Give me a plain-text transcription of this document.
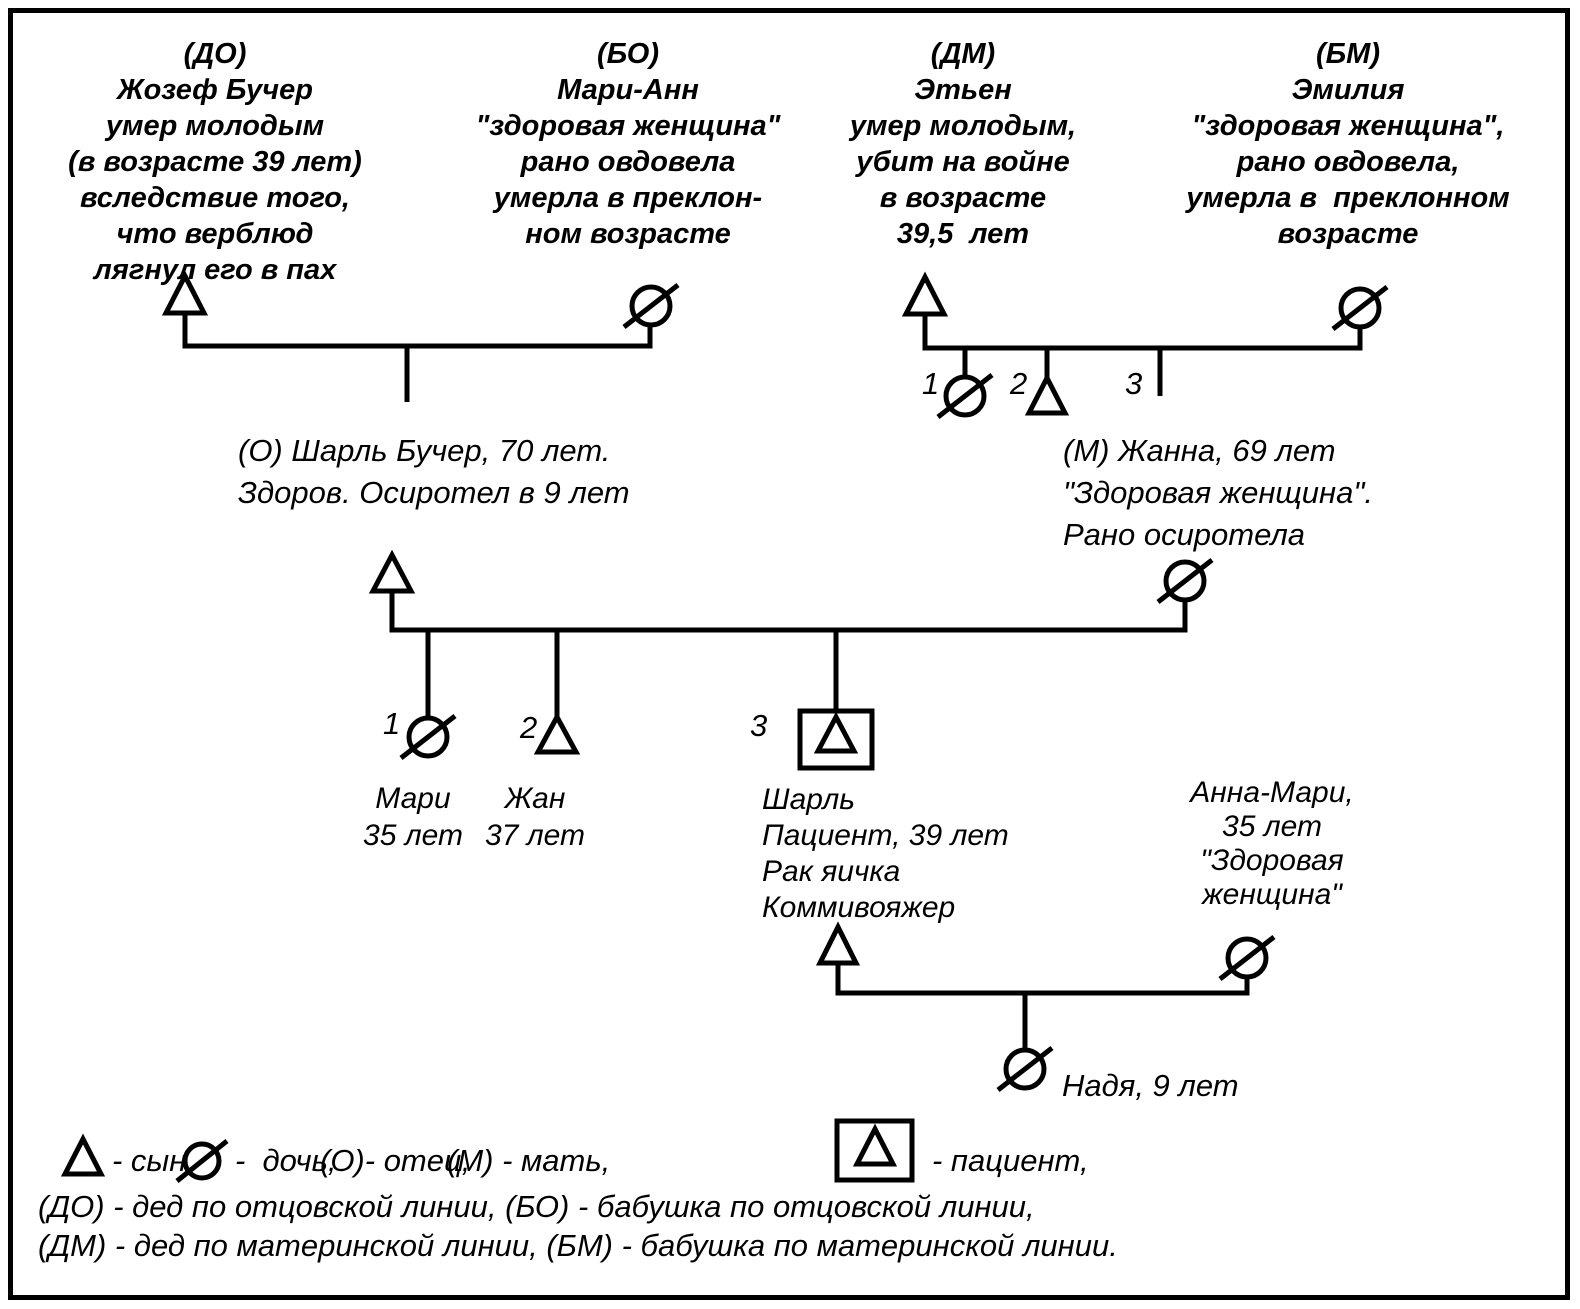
(ДО)
Жозеф Бучер
умер молодым
(в возрасте 39 лет)
вследствие того,
что верблюд
лягнул его в пах
(БО)
Мари-Анн
"здоровая женщина"
рано овдовела
умерла в преклон-
ном возрасте
(ДМ)
Этьен
умер молодым,
убит на войне
в возрасте
39,5  лет
(БМ)
Эмилия
"здоровая женщина",
рано овдовела,
умерла в  преклонном
возрасте
1 2	3
(О) Шарль Бучер, 70 лет.
Здоров. Осиротел в 9 лет
(М) Жанна, 69 лет
"Здоровая женщина".
Рано осиротела
1	2	3
Мари
35 лет
Жан
37 лет
Шарль
Пациент, 39 лет
Рак яичка
Коммивояжер
Анна-Мари,
35 лет
"Здоровая
женщина"
Надя, 9 лет
- сын, -  дочь,
(О)- отец,
(М) - мать,	- пациент,
(ДО) - дед по отцовской линии, (БО) - бабушка по отцовской линии,
(ДМ) - дед по материнской линии, (БМ) - бабушка по материнской линии.
